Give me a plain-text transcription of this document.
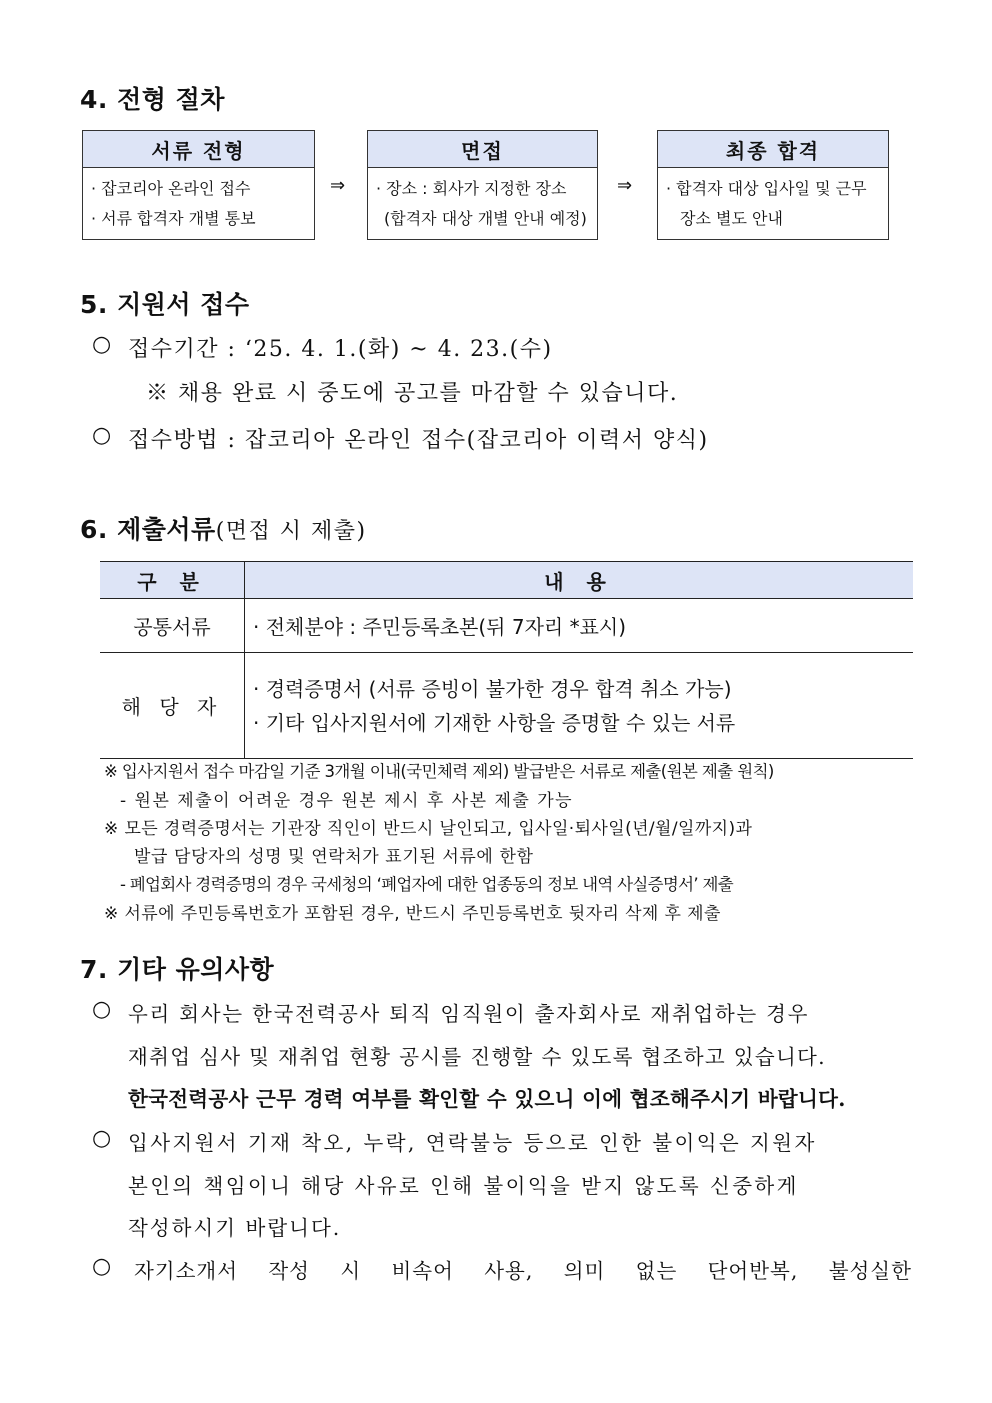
4. 전형 절차
서류 전형
· 잡코리아 온라인 접수
· 서류 합격자 개별 통보
⇒
면접
· 장소 : 회사가 지정한 장소
(합격자 대상 개별 안내 예정)
⇒
최종 합격
· 합격자 대상 입사일 및 근무
장소 별도 안내
5. 지원서 접수
○ 접수기간 : ‘25. 4. 1.(화) ~ 4. 23.(수)
※ 채용 완료 시 중도에 공고를 마감할 수 있습니다.
○ 접수방법 : 잡코리아 온라인 접수(잡코리아 이력서 양식)
6. 제출서류(면접 시 제출)
구 분	내 용
공통서류	· 전체분야 : 주민등록초본(뒤 7자리 *표시)
해 당 자	· 경력증명서 (서류 증빙이 불가한 경우 합격 취소 가능)
· 기타 입사지원서에 기재한 사항을 증명할 수 있는 서류
※ 입사지원서 접수 마감일 기준 3개월 이내(국민체력 제외) 발급받은 서류로 제출(원본 제출 원칙)
- 원본 제출이 어려운 경우 원본 제시 후 사본 제출 가능
※ 모든 경력증명서는 기관장 직인이 반드시 날인되고, 입사일·퇴사일(년/월/일까지)과
발급 담당자의 성명 및 연락처가 표기된 서류에 한함
- 폐업회사 경력증명의 경우 국세청의 ‘폐업자에 대한 업종동의 정보 내역 사실증명서’ 제출
※ 서류에 주민등록번호가 포함된 경우, 반드시 주민등록번호 뒷자리 삭제 후 제출
7. 기타 유의사항
○ 우리 회사는 한국전력공사 퇴직 임직원이 출자회사로 재취업하는 경우
재취업 심사 및 재취업 현황 공시를 진행할 수 있도록 협조하고 있습니다.
한국전력공사 근무 경력 여부를 확인할 수 있으니 이에 협조해주시기 바랍니다.
○ 입사지원서 기재 착오, 누락, 연락불능 등으로 인한 불이익은 지원자
본인의 책임이니 해당 사유로 인해 불이익을 받지 않도록 신중하게
작성하시기 바랍니다.
○ 자기소개서 작성 시 비속어 사용, 의미 없는 단어반복, 불성실한
